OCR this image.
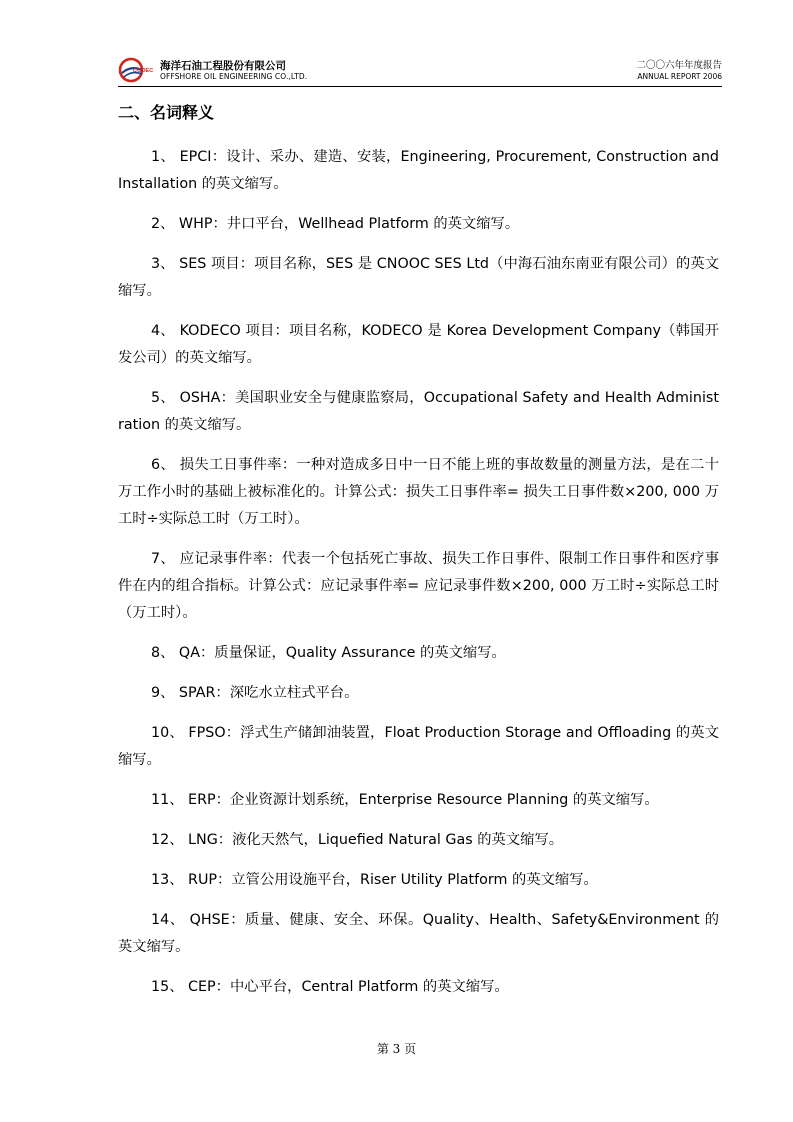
COOEC 海洋石油工程股份有限公司
OFFSHORE OIL ENGINEERING CO.,LTD.
二〇〇六年年度报告
ANNUAL REPORT 2006
二、名词释义

1、 EPCI：设计、采办、建造、安装，Engineering, Procurement, Construction and Installation 的英文缩写。

2、 WHP：井口平台，Wellhead Platform 的英文缩写。

3、 SES 项目：项目名称，SES 是 CNOOC SES Ltd（中海石油东南亚有限公司）的英文缩写。

4、 KODECO 项目：项目名称，KODECO 是 Korea Development Company（韩国开发公司）的英文缩写。

5、 OSHA：美国职业安全与健康监察局，Occupational Safety and Health Administration 的英文缩写。

6、 损失工日事件率：一种对造成多日中一日不能上班的事故数量的测量方法，是在二十万工作小时的基础上被标准化的。计算公式：损失工日事件率= 损失工日事件数×200, 000 万工时÷实际总工时（万工时）。

7、 应记录事件率：代表一个包括死亡事故、损失工作日事件、限制工作日事件和医疗事件在内的组合指标。计算公式：应记录事件率= 应记录事件数×200, 000 万工时÷实际总工时（万工时）。

8、 QA：质量保证，Quality Assurance 的英文缩写。

9、 SPAR：深吃水立柱式平台。

10、 FPSO：浮式生产储卸油装置，Float Production Storage and Offloading 的英文缩写。

11、 ERP：企业资源计划系统，Enterprise Resource Planning 的英文缩写。

12、 LNG：液化天然气，Liquefied Natural Gas 的英文缩写。

13、 RUP：立管公用设施平台，Riser Utility Platform 的英文缩写。

14、 QHSE：质量、健康、安全、环保。Quality、Health、Safety&Environment 的英文缩写。

15、 CEP：中心平台，Central Platform 的英文缩写。

第 3 页
